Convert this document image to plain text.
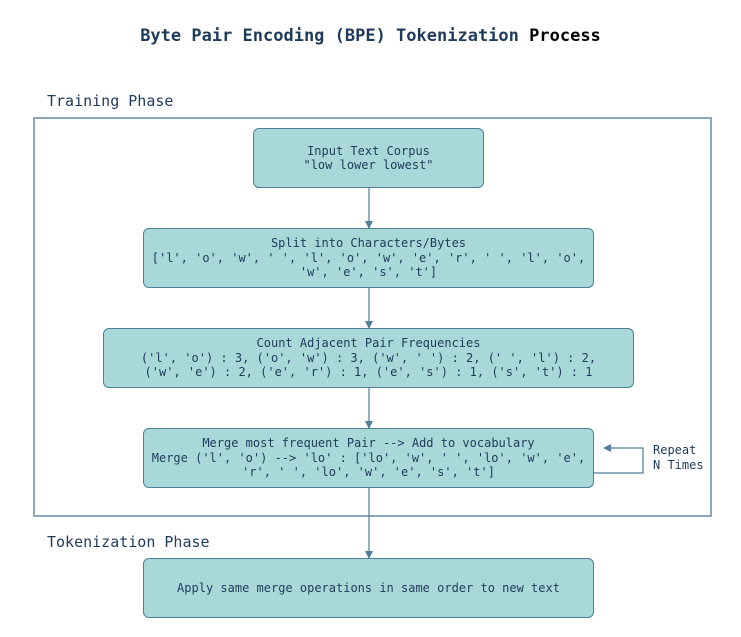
Byte Pair Encoding (BPE) Tokenization Process
Training Phase
Input Text Corpus
"low lower lowest"
Split into Characters/Bytes
['l', 'o', 'w', ' ', 'l', 'o', 'w', 'e', 'r', ' ', 'l', 'o',
'w', 'e', 's', 't']
Count Adjacent Pair Frequencies
('l', 'o') : 3, ('o', 'w') : 3, ('w', ' ') : 2, (' ', 'l') : 2,
('w', 'e') : 2, ('e', 'r') : 1, ('e', 's') : 1, ('s', 't') : 1
Merge most frequent Pair --> Add to vocabulary
Merge ('l', 'o') --> 'lo' : ['lo', 'w', ' ', 'lo', 'w', 'e',
'r', ' ', 'lo', 'w', 'e', 's', 't']
Repeat
N Times
Tokenization Phase
Apply same merge operations in same order to new text
